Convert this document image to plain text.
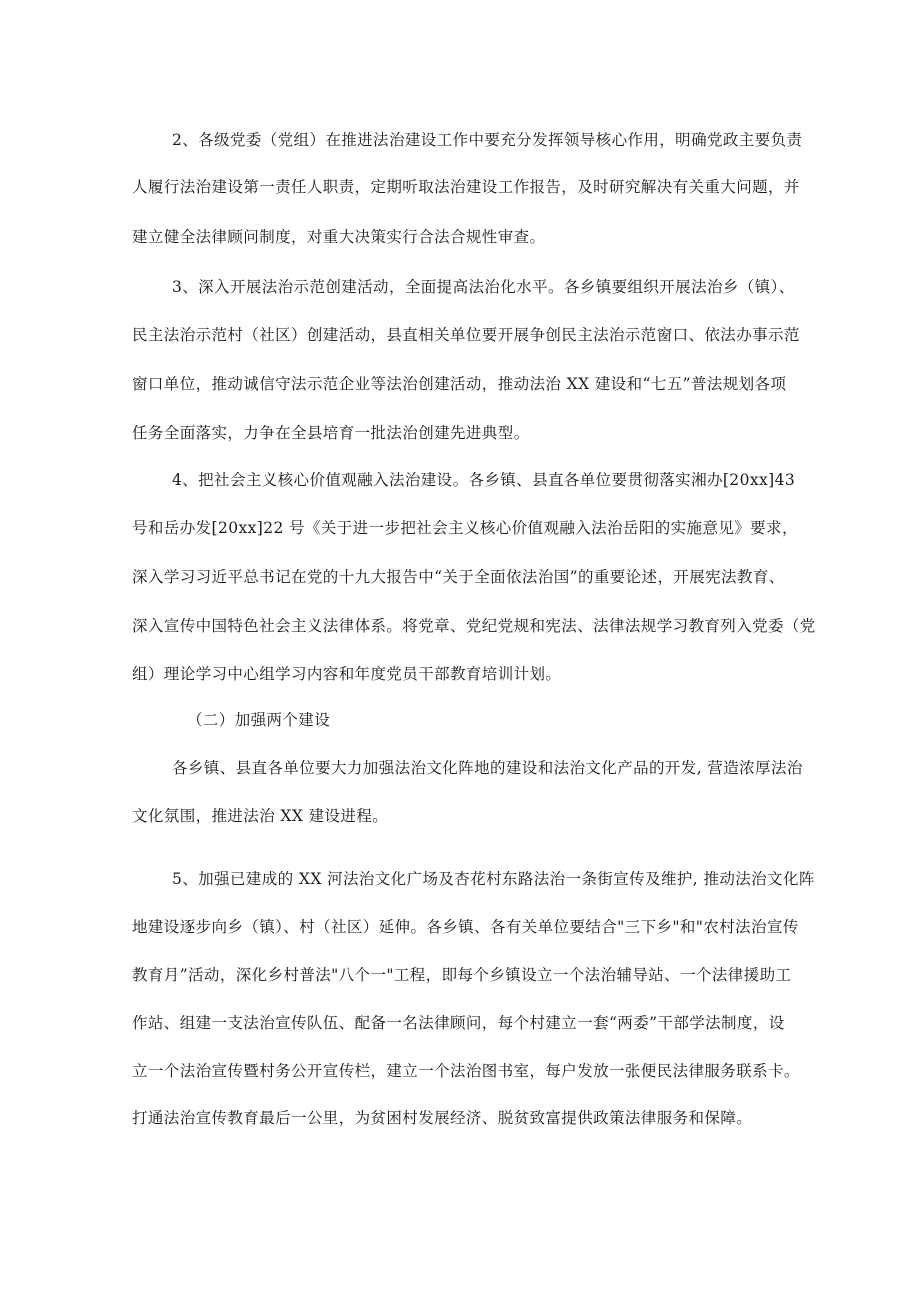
2、各级党委（党组）在推进法治建设工作中要充分发挥领导核心作用，明确党政主要负责
人履行法治建设第一责任人职责，定期听取法治建设工作报告，及时研究解决有关重大问题，并
建立健全法律顾问制度，对重大决策实行合法合规性审查。
3、深入开展法治示范创建活动，全面提高法治化水平。各乡镇要组织开展法治乡（镇）、
民主法治示范村（社区）创建活动，县直相关单位要开展争创民主法治示范窗口、依法办事示范
窗口单位，推动诚信守法示范企业等法治创建活动，推动法治 XX 建设和“七五”普法规划各项
任务全面落实，力争在全县培育一批法治创建先进典型。
4、把社会主义核心价值观融入法治建设。各乡镇、县直各单位要贯彻落实湘办[20xx]43
号和岳办发[20xx]22 号《关于进一步把社会主义核心价值观融入法治岳阳的实施意见》要求，
深入学习习近平总书记在党的十九大报告中“关于全面依法治国”的重要论述，开展宪法教育、
深入宣传中国特色社会主义法律体系。将党章、党纪党规和宪法、法律法规学习教育列入党委（党
组）理论学习中心组学习内容和年度党员干部教育培训计划。
（二）加强两个建设
各乡镇、县直各单位要大力加强法治文化阵地的建设和法治文化产品的开发, 营造浓厚法治
文化氛围，推进法治 XX 建设进程。
5、加强已建成的 XX 河法治文化广场及杏花村东路法治一条街宣传及维护, 推动法治文化阵
地建设逐步向乡（镇）、村（社区）延伸。各乡镇、各有关单位要结合"三下乡"和"农村法治宣传
教育月”活动，深化乡村普法"八个一"工程，即每个乡镇设立一个法治辅导站、一个法律援助工
作站、组建一支法治宣传队伍、配备一名法律顾问，每个村建立一套“两委”干部学法制度，设
立一个法治宣传暨村务公开宣传栏，建立一个法治图书室，每户发放一张便民法律服务联系卡。
打通法治宣传教育最后一公里，为贫困村发展经济、脱贫致富提供政策法律服务和保障。
